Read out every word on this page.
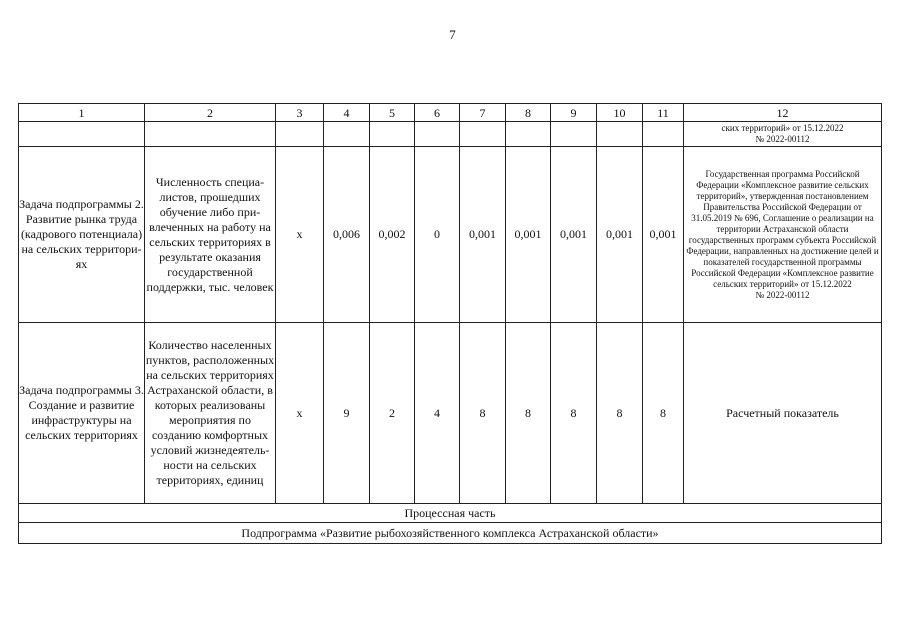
7
1	2	3	4	5	6	7	8	9	10	11	12

											ских территорий» от 15.12.2022
№ 2022-00112

Задача подпрограммы 2. Развитие рынка труда (кадрового потенциала) на сельских территориях	Численность специалистов, прошедших обучение либо привлеченных на работу на сельских территориях в результате оказания государственной поддержки, тыс. человек	х	0,006	0,002	0	0,001	0,001	0,001	0,001	0,001	Государственная программа Российской Федерации «Комплексное развитие сельских территорий», утвержденная постановлением Правительства Российской Федерации от 31.05.2019 № 696, Соглашение о реализации на территории Астраханской области государственных программ субъекта Российской Федерации, направленных на достижение целей и показателей государственной программы Российской Федерации «Комплексное развитие сельских территорий» от 15.12.2022
№ 2022-00112

Задача подпрограммы 3. Создание и развитие инфраструктуры на сельских территориях	Количество населенных пунктов, расположенных на сельских территориях Астраханской области, в которых реализованы мероприятия по созданию комфортных условий жизнедеятельности на сельских территориях, единиц	х	9	2	4	8	8	8	8	8	Расчетный показатель
Процессная часть											
Подпрограмма «Развитие рыбохозяйственного комплекса Астраханской области»											
